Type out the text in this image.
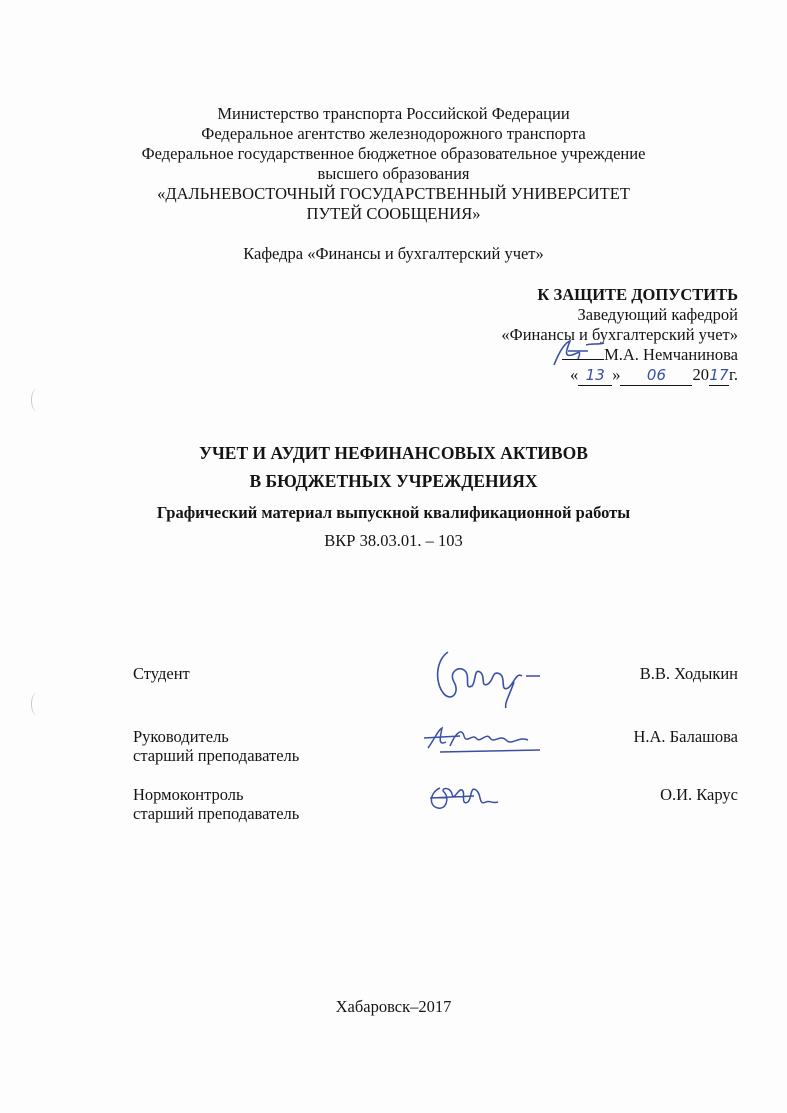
Министерство транспорта Российской Федерации
Федеральное агентство железнодорожного транспорта
Федеральное государственное бюджетное образовательное учреждение
высшего образования
«ДАЛЬНЕВОСТОЧНЫЙ ГОСУДАРСТВЕННЫЙ УНИВЕРСИТЕТ
ПУТЕЙ СООБЩЕНИЯ»
Кафедра «Финансы и бухгалтерский учет»
К ЗАЩИТЕ ДОПУСТИТЬ
Заведующий кафедрой
«Финансы и бухгалтерский учет»
М.А. Немчанинова
« 13 » 06 2017г.
УЧЕТ И АУДИТ НЕФИНАНСОВЫХ АКТИВОВ
В БЮДЖЕТНЫХ УЧРЕЖДЕНИЯХ
Графический материал выпускной квалификационной работы
ВКР 38.03.01. – 103
Студент	В.В. Ходыкин
Руководитель
старший преподаватель
Н.А. Балашова
Нормоконтроль
старший преподаватель
О.И. Карус
Хабаровск–2017
